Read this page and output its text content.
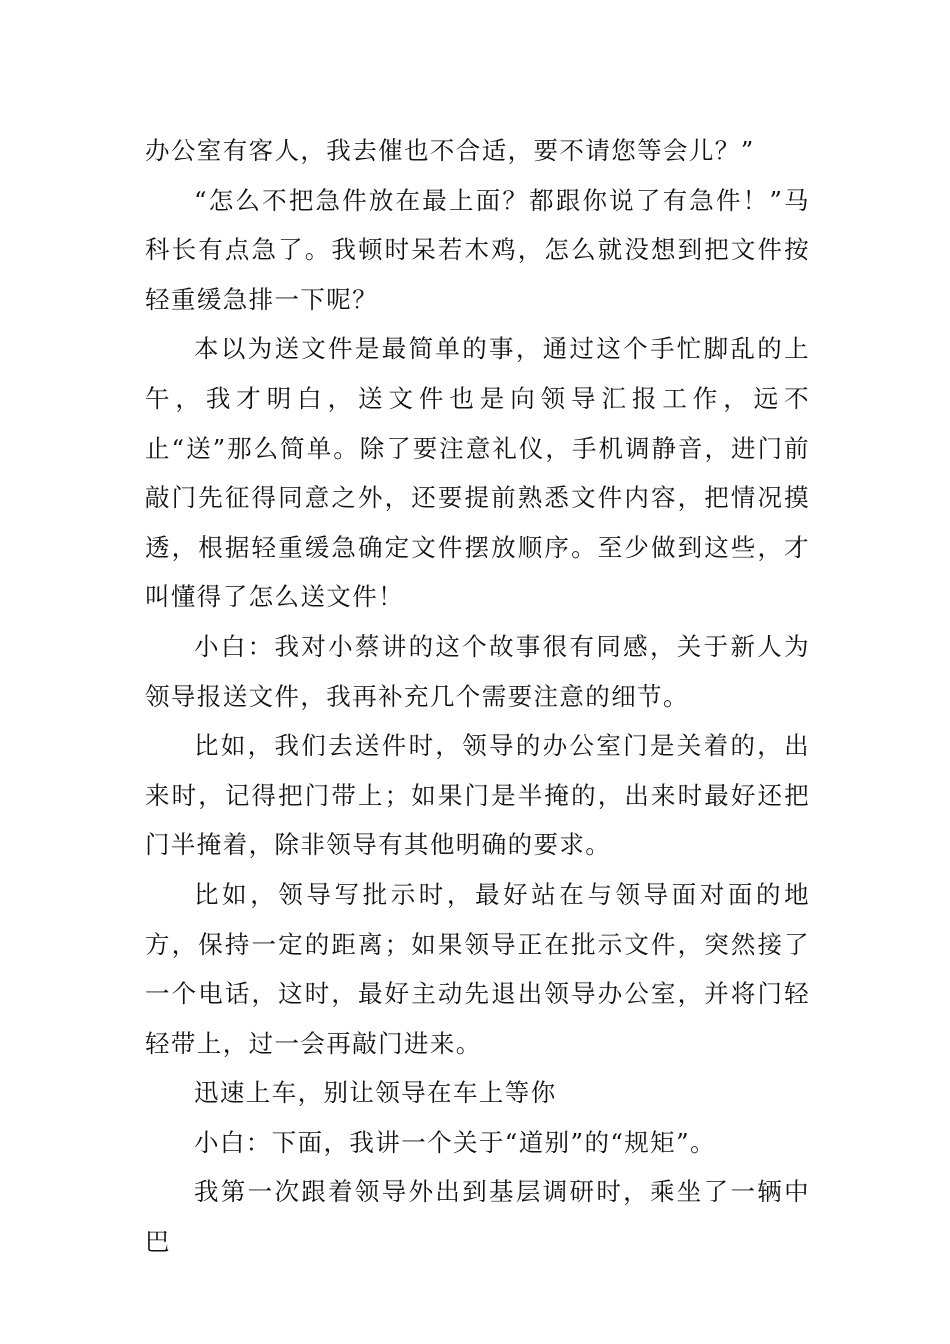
办公室有客人，我去催也不合适，要不请您等会儿？”

“怎么不把急件放在最上面？都跟你说了有急件！”马科长有点急了。我顿时呆若木鸡，怎么就没想到把文件按轻重缓急排一下呢？

本以为送文件是最简单的事，通过这个手忙脚乱的上午，我才明白，送文件也是向领导汇报工作，远不止“送”那么简单。除了要注意礼仪，手机调静音，进门前敲门先征得同意之外，还要提前熟悉文件内容，把情况摸透，根据轻重缓急确定文件摆放顺序。至少做到这些，才叫懂得了怎么送文件！

小白：我对小蔡讲的这个故事很有同感，关于新人为领导报送文件，我再补充几个需要注意的细节。

比如，我们去送件时，领导的办公室门是关着的，出来时，记得把门带上；如果门是半掩的，出来时最好还把门半掩着，除非领导有其他明确的要求。

比如，领导写批示时，最好站在与领导面对面的地方，保持一定的距离；如果领导正在批示文件，突然接了一个电话，这时，最好主动先退出领导办公室，并将门轻轻带上，过一会再敲门进来。

迅速上车，别让领导在车上等你

小白：下面，我讲一个关于“道别”的“规矩”。

我第一次跟着领导外出到基层调研时，乘坐了一辆中巴
